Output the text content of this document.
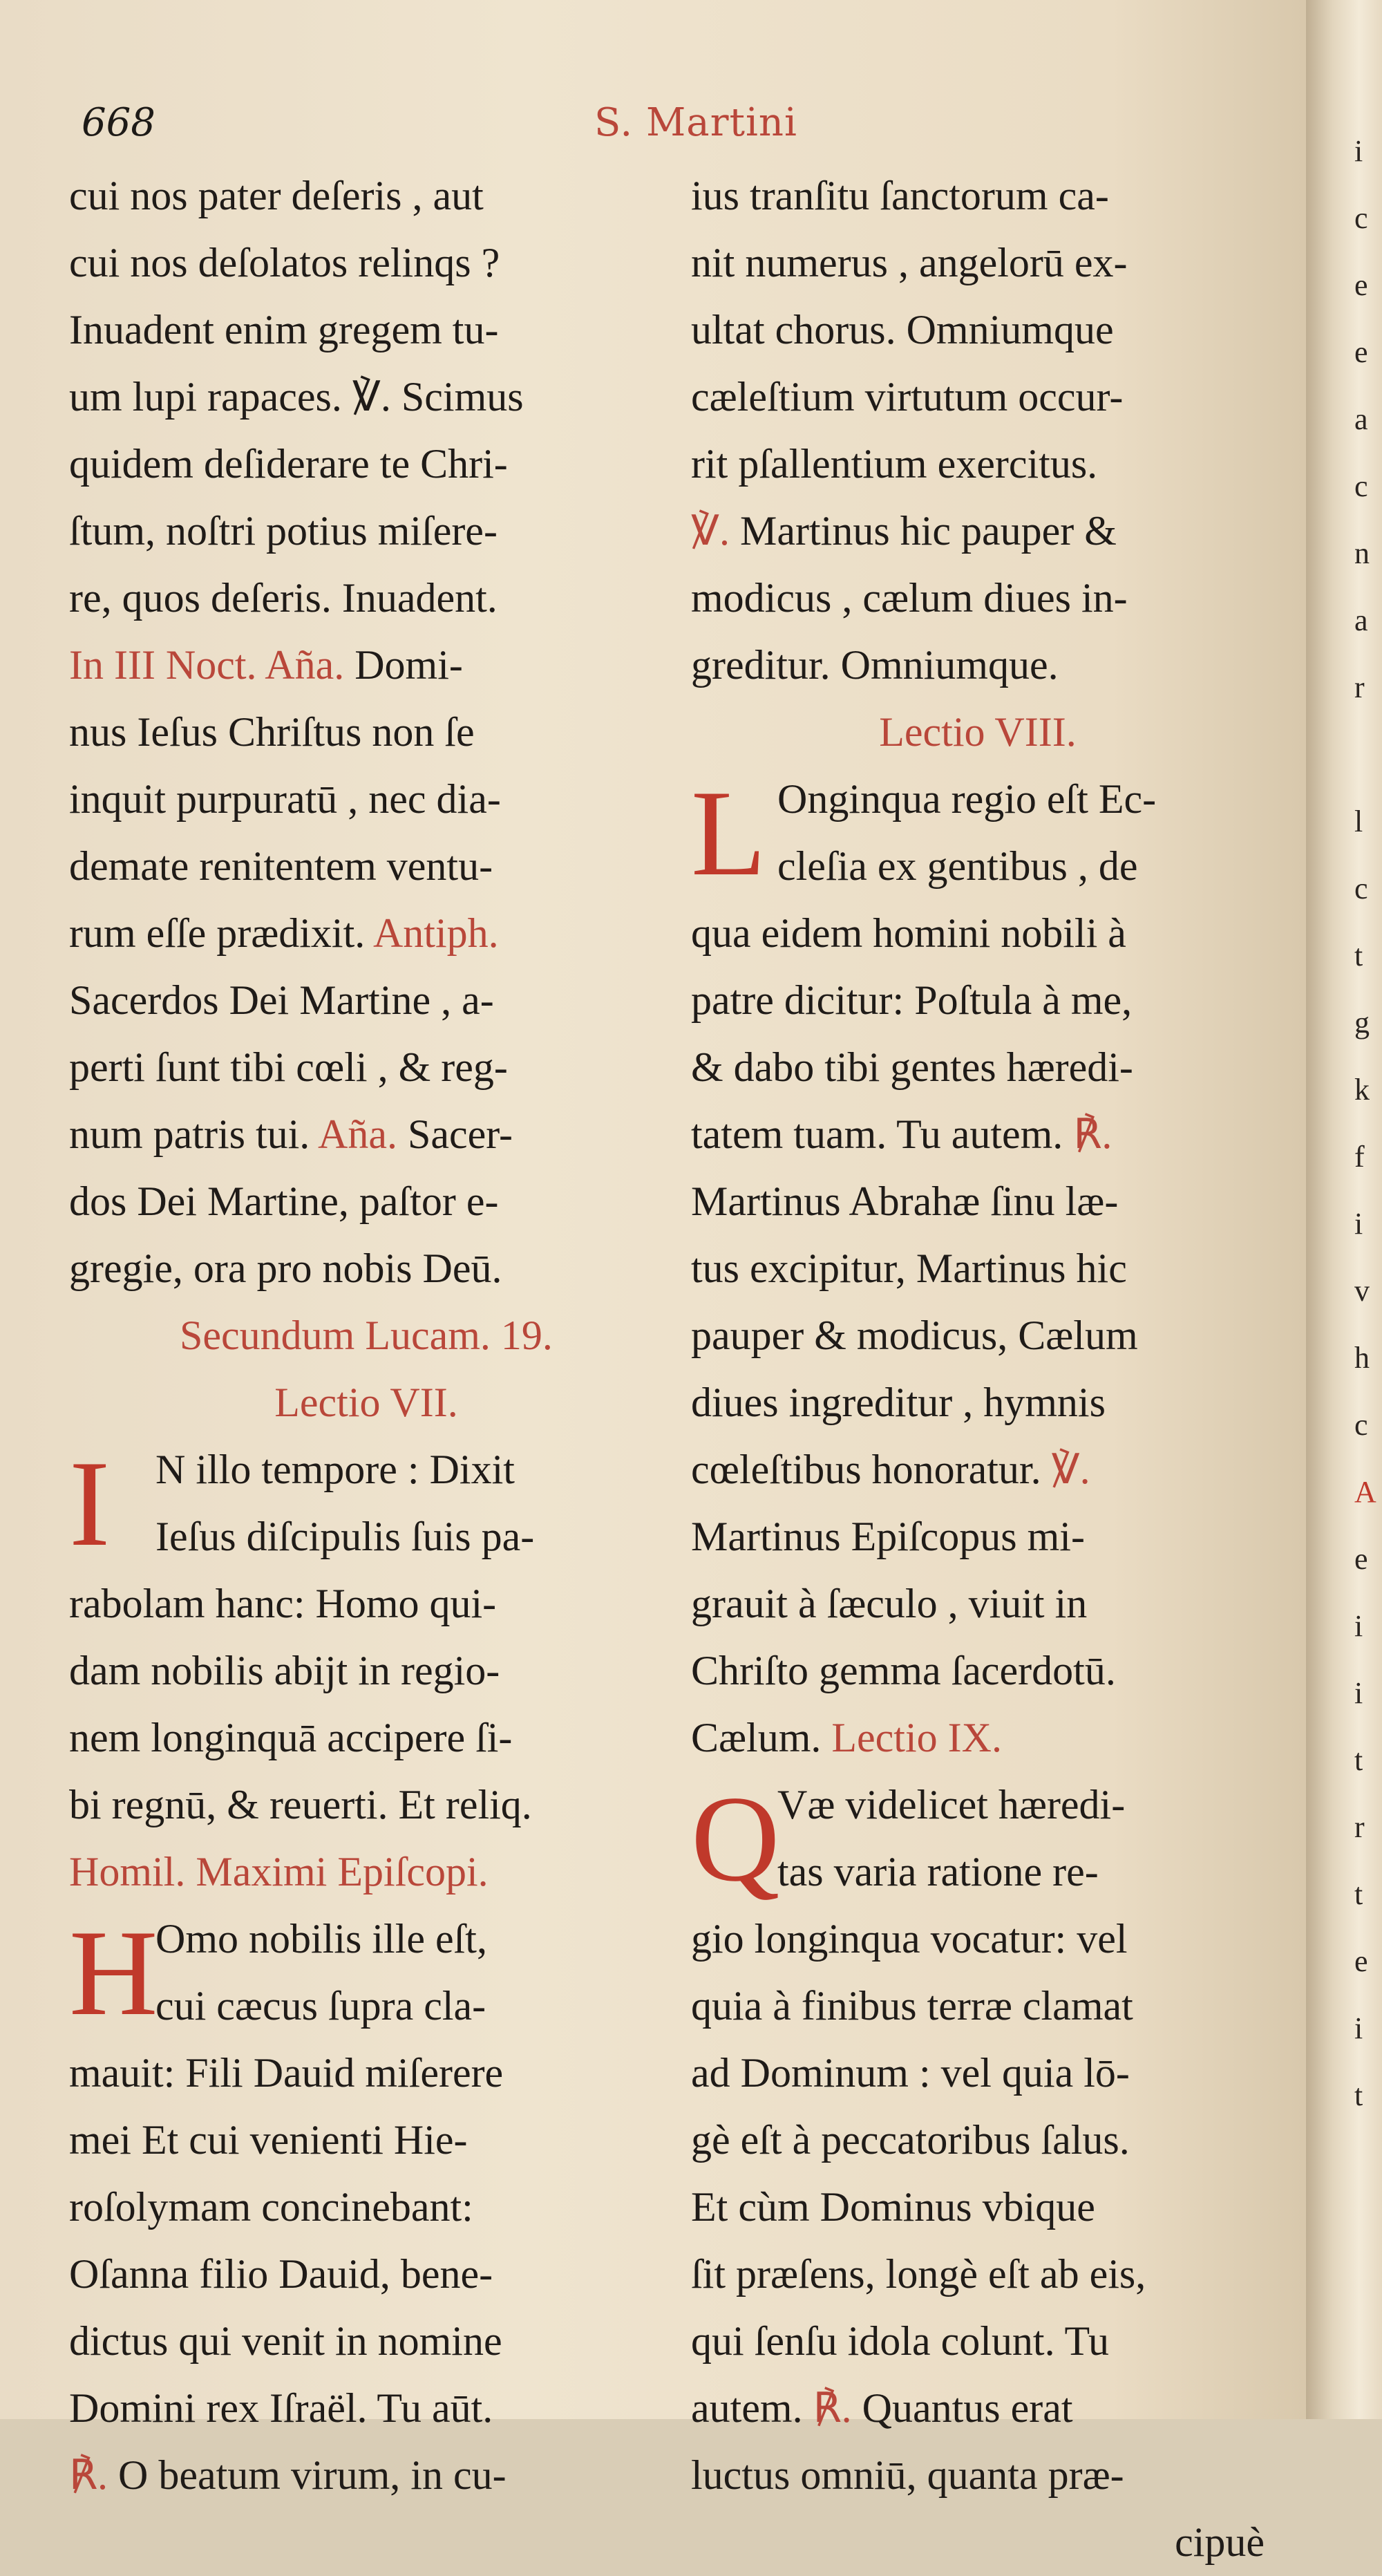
668	S. Martini
cui nos pater deſeris , aut
cui nos deſolatos relinqs ?
Inuadent enim gregem tu-
um lupi rapaces. ℣. Scimus
quidem deſiderare te Chri-
ſtum, noſtri potius miſere-
re, quos deſeris. Inuadent.
In III Noct. Aña. Domi-
nus Ieſus Chriſtus non ſe
inquit purpuratū , nec dia-
demate renitentem ventu-
rum eſſe prædixit. Antiph.
Sacerdos Dei Martine , a-
perti ſunt tibi cœli , & reg-
num patris tui. Aña. Sacer-
dos Dei Martine, paſtor e-
gregie, ora pro nobis Deū.
Secundum Lucam. 19.
Lectio VII.
I N illo tempore : Dixit
Ieſus diſcipulis ſuis pa-
rabolam hanc: Homo qui-
dam nobilis abijt in regio-
nem longinquā accipere ſi-
bi regnū, & reuerti. Et reliq.
Homil. Maximi Epiſcopi.
H
Omo nobilis ille eſt,
cui cæcus ſupra cla-
mauit: Fili Dauid miſerere
mei Et cui venienti Hie-
roſolymam concinebant:
Oſanna filio Dauid, bene-
dictus qui venit in nomine
Domini rex Iſraël. Tu aūt.
℟. O beatum virum, in cu-
ius tranſitu ſanctorum ca-
nit numerus , angelorū ex-
ultat chorus. Omniumque
cæleſtium virtutum occur-
rit pſallentium exercitus.
℣. Martinus hic pauper &
modicus , cælum diues in-
greditur. Omniumque.
Lectio VIII.
L Onginqua regio eſt Ec-
cleſia ex gentibus , de
qua eidem homini nobili à
patre dicitur: Poſtula à me,
& dabo tibi gentes hæredi-
tatem tuam. Tu autem. ℟.
Martinus Abrahæ ſinu læ-
tus excipitur, Martinus hic
pauper & modicus, Cælum
diues ingreditur , hymnis
cœleſtibus honoratur. ℣.
Martinus Epiſcopus mi-
grauit à ſæculo , viuit in
Chriſto gemma ſacerdotū.
Cælum. Lectio IX.
Q
Væ videlicet hæredi-
tas varia ratione re-
gio longinqua vocatur: vel
quia à finibus terræ clamat
ad Dominum : vel quia lō-
gè eſt à peccatoribus ſalus.
Et cùm Dominus vbique
ſit præſens, longè eſt ab eis,
qui ſenſu idola colunt. Tu
autem. ℟. Quantus erat
luctus omniū, quanta præ-
cipuè
i
c
e
e
a
c
n
a
r

l
c
t
g
k
f
i
v
h
c
A
e
i
i
t
r
t
e
i
t
